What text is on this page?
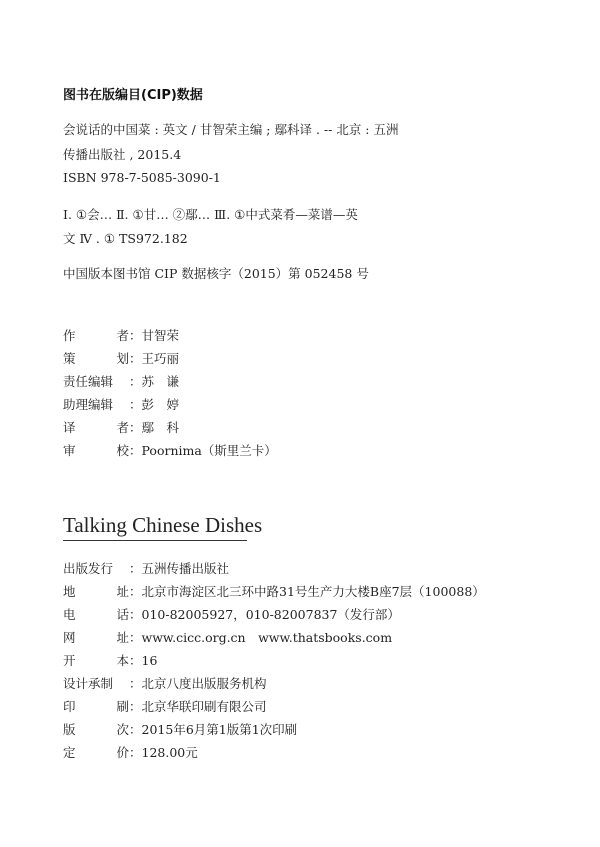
图书在版编目(CIP)数据
会说话的中国菜 : 英文 / 甘智荣主编 ; 鄢科译 . -- 北京 : 五洲
传播出版社 , 2015.4
ISBN 978-7-5085-3090-1
Ⅰ. ①会… Ⅱ. ①甘… ②鄢… Ⅲ. ①中式菜肴—菜谱—英
文 Ⅳ . ① TS972.182
中国版本图书馆 CIP 数据核字（2015）第 052458 号
作	者 ： 甘智荣
策	划 ： 王巧丽
责任编辑 ： 苏　谦
助理编辑 ： 彭　婷
译	者 ： 鄢　科
审	校 ： Poornima（斯里兰卡）
Talking Chinese Dishes
出版发行 ： 五洲传播出版社
地	址 ： 北京市海淀区北三环中路31号生产力大楼B座7层（100088）
电	话 ： 010-82005927，010-82007837（发行部）
网	址 ： www.cicc.org.cn　www.thatsbooks.com
开	本 ： 16
设计承制 ： 北京八度出版服务机构
印	刷 ： 北京华联印刷有限公司
版	次 ： 2015年6月第1版第1次印刷
定	价 ： 128.00元
